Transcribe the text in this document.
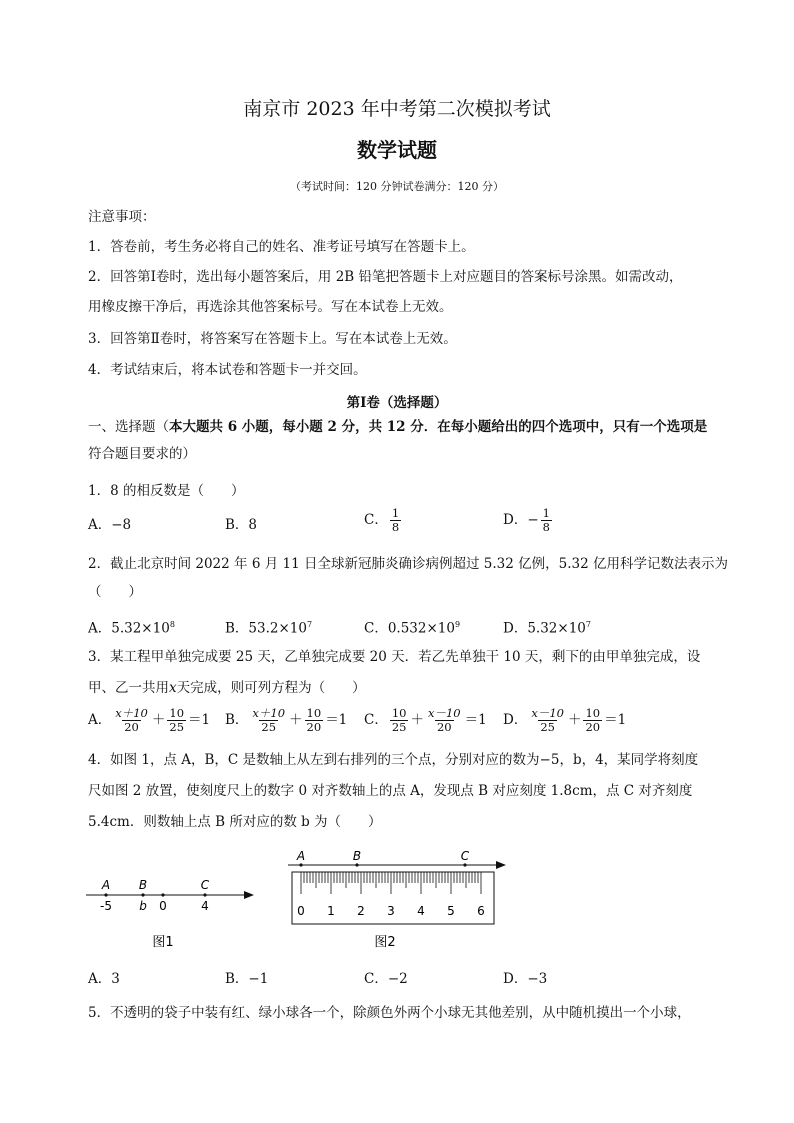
南京市 2023 年中考第二次模拟考试
数学试题
（考试时间：120 分钟试卷满分：120 分）
注意事项：
1．答卷前，考生务必将自己的姓名、准考证号填写在答题卡上。
2．回答第Ⅰ卷时，选出每小题答案后，用 2B 铅笔把答题卡上对应题目的答案标号涂黑。如需改动，
用橡皮擦干净后，再选涂其他答案标号。写在本试卷上无效。
3．回答第Ⅱ卷时，将答案写在答题卡上。写在本试卷上无效。
4．考试结束后，将本试卷和答题卡一并交回。
第Ⅰ卷（选择题）
一、选择题（本大题共 6 小题，每小题 2 分，共 12 分．在每小题给出的四个选项中，只有一个选项是
符合题目要求的）
1．8 的相反数是（　　）
A．−8	B．8	C． $\frac{1}{8}$	D．− $\frac{1}{8}$
2．截止北京时间 2022 年 6 月 11 日全球新冠肺炎确诊病例超过 5.32 亿例，5.32 亿用科学记数法表示为
（　　）
A．$5.32\times 10^8$	B．$53.2\times 10^7$	C．$0.532\times 10^9$	D．$5.32\times 10^7$
3．某工程甲单独完成要 25 天，乙单独完成要 20 天．若乙先单独干 10 天，剩下的由甲单独完成，设
甲、乙一共用x天完成，则可列方程为（　　）
A． $\frac{x+10}{20} + \frac{10}{25} =1$ B． $\frac{x+10}{25} + \frac{10}{20} =1$ C． $\frac{10}{25} + \frac{x-10}{20} =1$ D． $\frac{x-10}{25} + \frac{10}{20} =1$
4．如图 1，点 A，B，C 是数轴上从左到右排列的三个点，分别对应的数为−5，b，4，某同学将刻度
尺如图 2 放置，使刻度尺上的数字 0 对齐数轴上的点 A，发现点 B 对应刻度 1.8cm，点 C 对齐刻度
5.4cm．则数轴上点 B 所对应的数 b 为（　　）
A B	C
-5 b 0	4
图1
A	B	C
0 1 2 3 4 5 6
图2
A．3	B．−1	C．−2	D．−3
5．不透明的袋子中装有红、绿小球各一个，除颜色外两个小球无其他差别，从中随机摸出一个小球，
